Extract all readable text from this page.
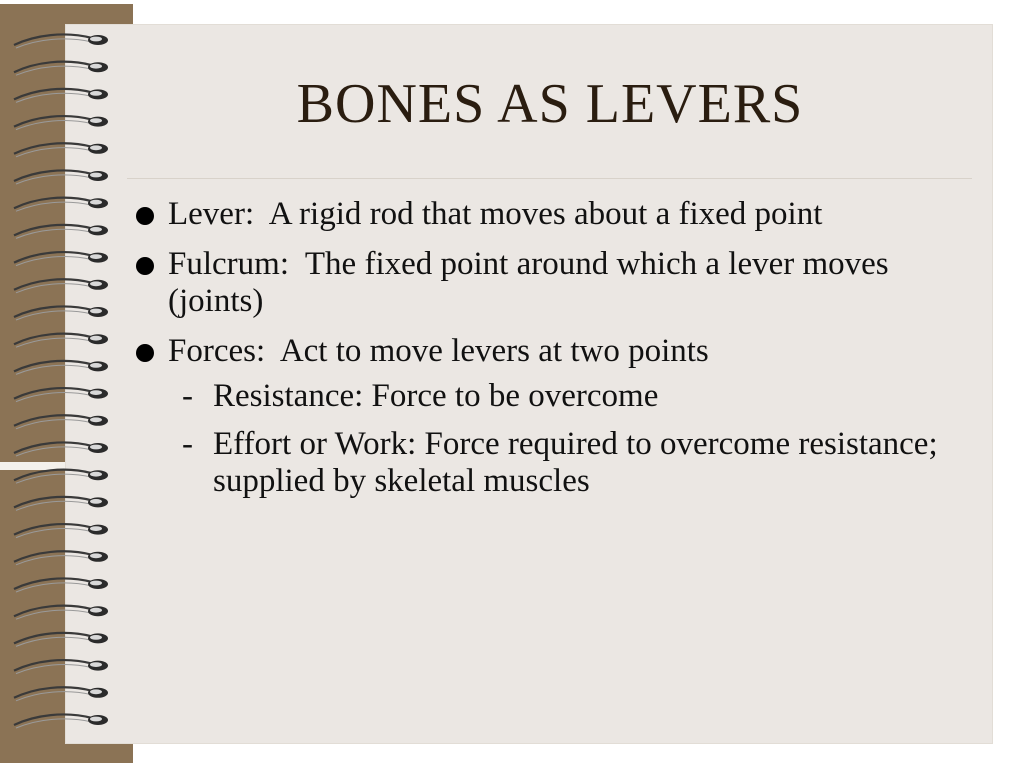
BONES AS LEVERS
Lever:  A rigid rod that moves about a fixed point
Fulcrum:  The fixed point around which a lever moves (joints)
Forces:  Act to move levers at two points
- Resistance: Force to be overcome
- Effort or Work: Force required to overcome resistance; supplied by skeletal muscles
